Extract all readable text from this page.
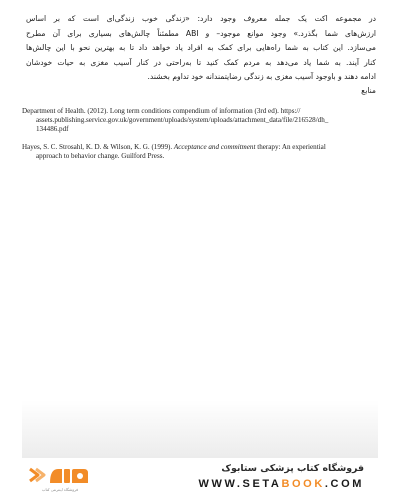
در مجموعه اکت یک جمله معروف وجود دارد: «زندگی خوب زندگی‌ای است که بر اساس
ارزش‌های شما بگذرد.» وجود موانع موجود– و ABI مطمئناً چالش‌های بسیاری برای آن مطرح
می‌سازد. این کتاب به شما راه‌هایی برای کمک به افراد یاد خواهد داد تا به بهترین نحو با این چالش‌ها
کنار آیند. به شما یاد می‌دهد به مردم کمک کنید تا به‌راحتی در کنار آسیب مغزی به حیات خودشان
ادامه دهند و باوجود آسیب مغزی به زندگی رضایتمندانه خود تداوم بخشند.

منابع

Department of Health. (2012). Long term conditions compendium of information (3rd ed). https://
assets.publishing.service.gov.uk/government/uploads/system/uploads/attachment_data/file/216528/dh_
134486.pdf
Hayes, S. C. Strosahl, K. D. & Wilson, K. G. (1999). Acceptance and commitment therapy: An experiential
approach to behavior change. Guilford Press.
فروشگاه اینترنتی کتاب
فروشگاه کتاب پزشکی ستابوک
WWW.SETABOOK.COM
